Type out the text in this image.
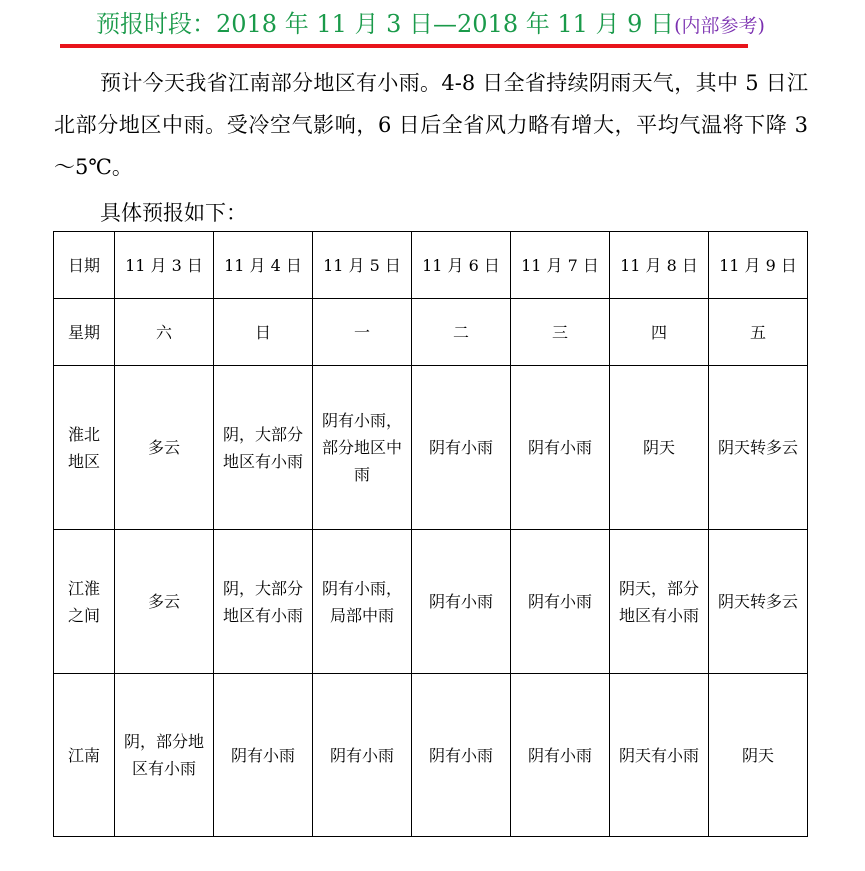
预报时段：2018 年 11 月 3 日—2018 年 11 月 9 日(内部参考)

预计今天我省江南部分地区有小雨。4-8 日全省持续阴雨天气，其中 5 日江北部分地区中雨。受冷空气影响，6 日后全省风力略有增大，平均气温将下降 3～5℃。

具体预报如下：

日期	11 月 3 日	11 月 4 日	11 月 5 日	11 月 6 日	11 月 7 日	11 月 8 日	11 月 9 日
星期	六	日	一	二	三	四	五
淮北地区	多云	阴，大部分地区有小雨	阴有小雨，部分地区中雨	阴有小雨	阴有小雨	阴天	阴天转多云
江淮之间	多云	阴，大部分地区有小雨	阴有小雨，局部中雨	阴有小雨	阴有小雨	阴天，部分地区有小雨	阴天转多云
江南	阴，部分地区有小雨	阴有小雨	阴有小雨	阴有小雨	阴有小雨	阴天有小雨	阴天
